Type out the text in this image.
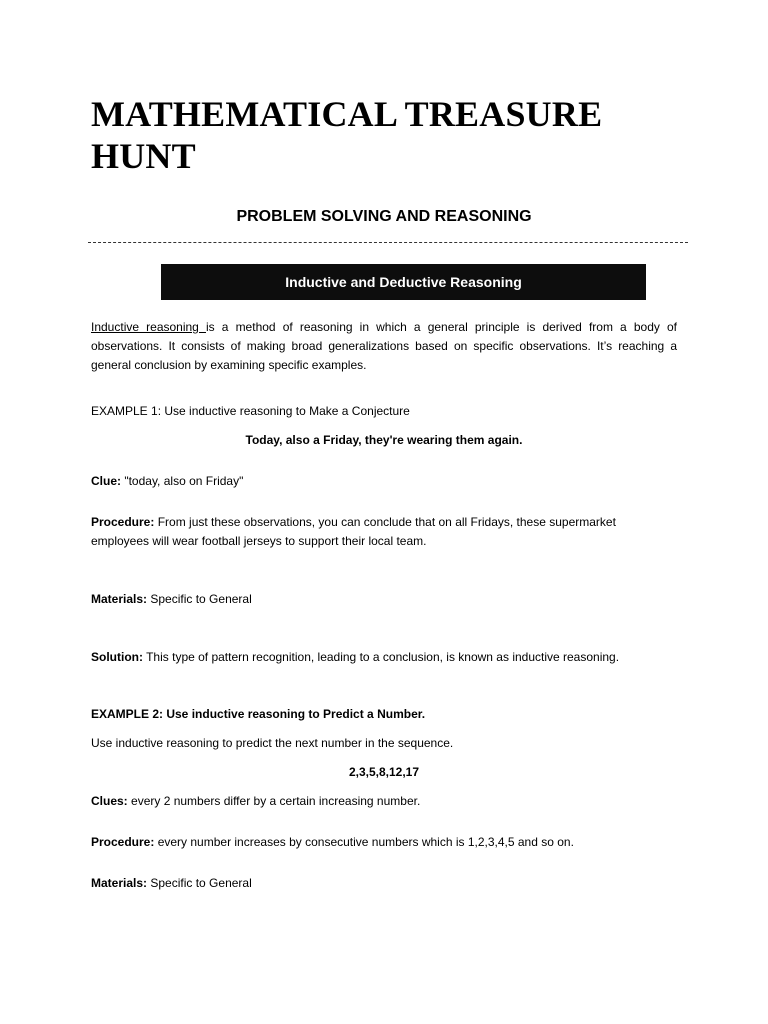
MATHEMATICAL TREASURE HUNT
PROBLEM SOLVING AND REASONING
Inductive and Deductive Reasoning
Inductive reasoning is a method of reasoning in which a general principle is derived from a body of observations. It consists of making broad generalizations based on specific observations. It’s reaching a general conclusion by examining specific examples.
EXAMPLE 1: Use inductive reasoning to Make a Conjecture
Today, also a Friday, they're wearing them again.
Clue: "today, also on Friday"
Procedure: From just these observations, you can conclude that on all Fridays, these supermarket employees will wear football jerseys to support their local team.
Materials: Specific to General
Solution: This type of pattern recognition, leading to a conclusion, is known as inductive reasoning.
EXAMPLE 2: Use inductive reasoning to Predict a Number.
Use inductive reasoning to predict the next number in the sequence.
2,3,5,8,12,17
Clues: every 2 numbers differ by a certain increasing number.
Procedure: every number increases by consecutive numbers which is 1,2,3,4,5 and so on.
Materials: Specific to General
